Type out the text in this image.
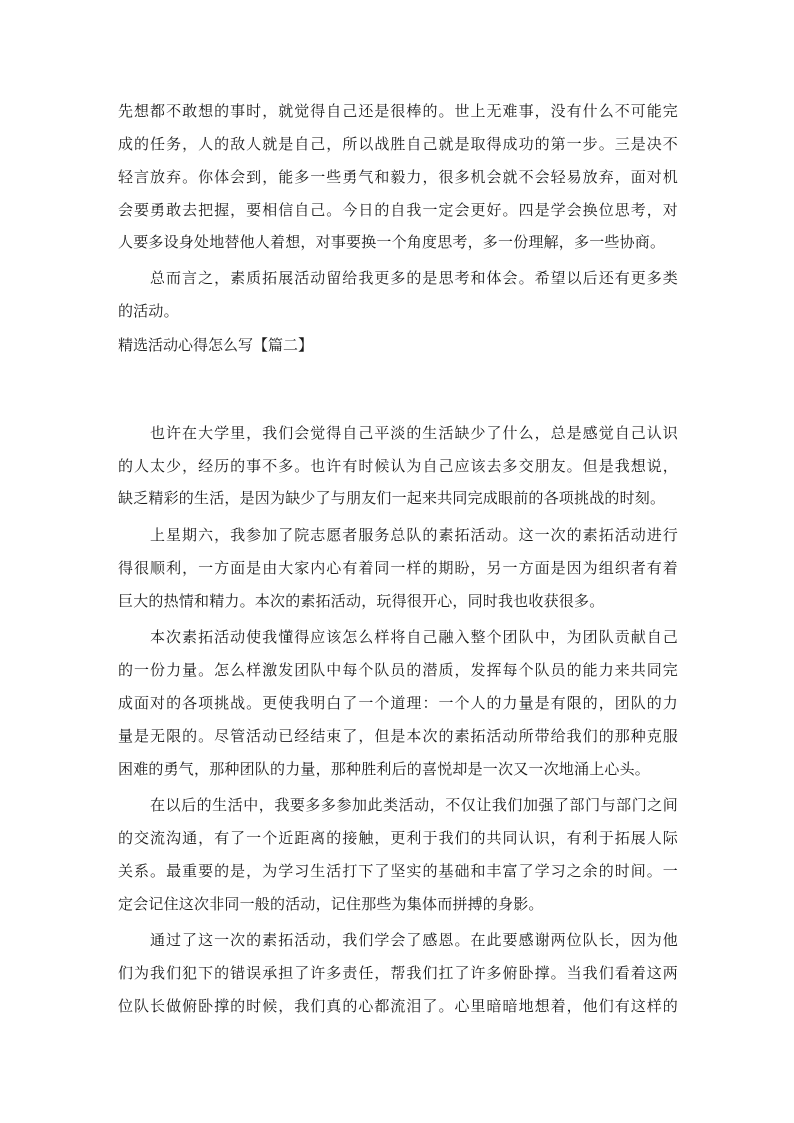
先想都不敢想的事时，就觉得自己还是很棒的。世上无难事，没有什么不可能完
成的任务，人的敌人就是自己，所以战胜自己就是取得成功的第一步。三是决不
轻言放弃。你体会到，能多一些勇气和毅力，很多机会就不会轻易放弃，面对机
会要勇敢去把握，要相信自己。今日的自我一定会更好。四是学会换位思考，对
人要多设身处地替他人着想，对事要换一个角度思考，多一份理解，多一些协商。
总而言之，素质拓展活动留给我更多的是思考和体会。希望以后还有更多类
的活动。
精选活动心得怎么写【篇二】
也许在大学里，我们会觉得自己平淡的生活缺少了什么，总是感觉自己认识
的人太少，经历的事不多。也许有时候认为自己应该去多交朋友。但是我想说，
缺乏精彩的生活，是因为缺少了与朋友们一起来共同完成眼前的各项挑战的时刻。
上星期六，我参加了院志愿者服务总队的素拓活动。这一次的素拓活动进行
得很顺利，一方面是由大家内心有着同一样的期盼，另一方面是因为组织者有着
巨大的热情和精力。本次的素拓活动，玩得很开心，同时我也收获很多。
本次素拓活动使我懂得应该怎么样将自己融入整个团队中，为团队贡献自己
的一份力量。怎么样激发团队中每个队员的潜质，发挥每个队员的能力来共同完
成面对的各项挑战。更使我明白了一个道理：一个人的力量是有限的，团队的力
量是无限的。尽管活动已经结束了，但是本次的素拓活动所带给我们的那种克服
困难的勇气，那种团队的力量，那种胜利后的喜悦却是一次又一次地涌上心头。
在以后的生活中，我要多多参加此类活动，不仅让我们加强了部门与部门之间
的交流沟通，有了一个近距离的接触，更利于我们的共同认识，有利于拓展人际
关系。最重要的是，为学习生活打下了坚实的基础和丰富了学习之余的时间。一
定会记住这次非同一般的活动，记住那些为集体而拼搏的身影。
通过了这一次的素拓活动，我们学会了感恩。在此要感谢两位队长，因为他
们为我们犯下的错误承担了许多责任，帮我们扛了许多俯卧撑。当我们看着这两
位队长做俯卧撑的时候，我们真的心都流泪了。心里暗暗地想着，他们有这样的
